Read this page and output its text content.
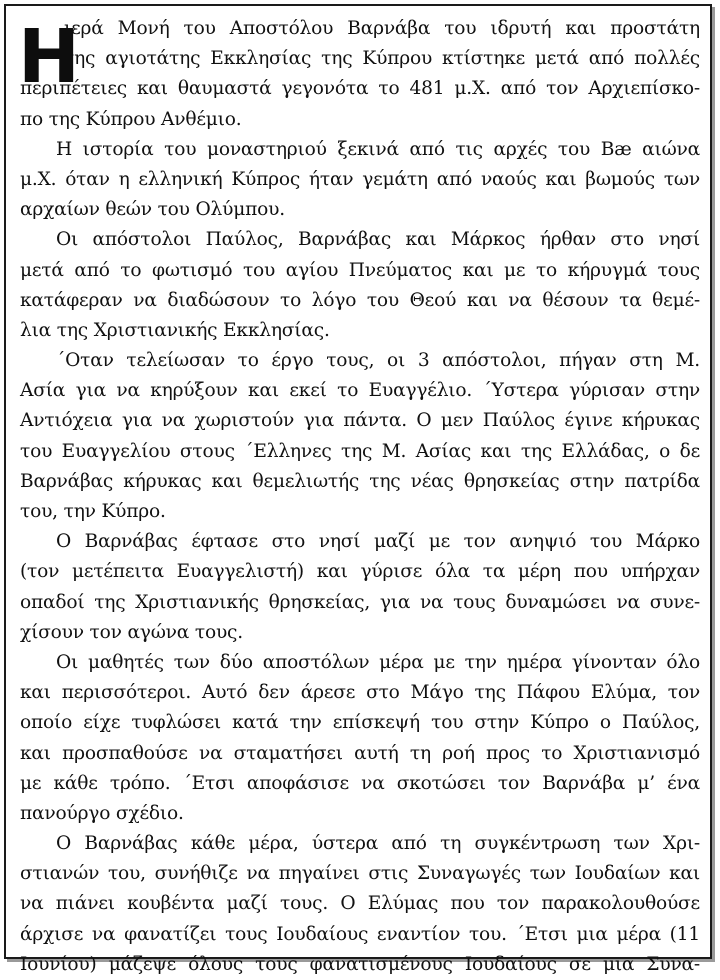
Η
ιερά Μονή του Αποστόλου Βαρνάβα του ιδρυτή και προστάτη
της αγιοτάτης Εκκλησίας της Κύπρου κτίστηκε μετά από πολλές
περιπέτειες και θαυμαστά γεγονότα το 481 μ.Χ. από τον Αρχιεπίσκο-
πο της Κύπρου Ανθέμιο.
Η ιστορία του μοναστηριού ξεκινά από τις αρχές του Βæ αιώνα
μ.Χ. όταν η ελληνική Κύπρος ήταν γεμάτη από ναούς και βωμούς των
αρχαίων θεών του Ολύμπου.
Οι απόστολοι Παύλος, Βαρνάβας και Μάρκος ήρθαν στο νησί
μετά από το φωτισμό του αγίου Πνεύματος και με το κήρυγμά τους
κατάφεραν να διαδώσουν το λόγο του Θεού και να θέσουν τα θεμέ-
λια της Χριστιανικής Εκκλησίας.
΄Οταν τελείωσαν το έργο τους, οι 3 απόστολοι, πήγαν στη Μ.
Ασία για να κηρύξουν και εκεί το Ευαγγέλιο. ΄Υστερα γύρισαν στην
Αντιόχεια για να χωριστούν για πάντα. Ο μεν Παύλος έγινε κήρυκας
του Ευαγγελίου στους ΄Ελληνες της Μ. Ασίας και της Ελλάδας, ο δε
Βαρνάβας κήρυκας και θεμελιωτής της νέας θρησκείας στην πατρίδα
του, την Κύπρο.
Ο Βαρνάβας έφτασε στο νησί μαζί με τον ανηψιό του Μάρκο
(τον μετέπειτα Ευαγγελιστή) και γύρισε όλα τα μέρη που υπήρχαν
οπαδοί της Χριστιανικής θρησκείας, για να τους δυναμώσει να συνε-
χίσουν τον αγώνα τους.
Οι μαθητές των δύο αποστόλων μέρα με την ημέρα γίνονταν όλο
και περισσότεροι. Αυτό δεν άρεσε στο Μάγο της Πάφου Ελύμα, τον
οποίο είχε τυφλώσει κατά την επίσκεψή του στην Κύπρο ο Παύλος,
και προσπαθούσε να σταματήσει αυτή τη ροή προς το Χριστιανισμό
με κάθε τρόπο. ΄Ετσι αποφάσισε να σκοτώσει τον Βαρνάβα μ’ ένα
πανούργο σχέδιο.
Ο Βαρνάβας κάθε μέρα, ύστερα από τη συγκέντρωση των Χρι-
στιανών του, συνήθιζε να πηγαίνει στις Συναγωγές των Ιουδαίων και
να πιάνει κουβέντα μαζί τους. Ο Ελύμας που τον παρακολουθούσε
άρχισε να φανατίζει τους Ιουδαίους εναντίον του. ΄Ετσι μια μέρα (11
Ιουνίου) μάζεψε όλους τους φανατισμένους Ιουδαίους σε μια Συνα-
